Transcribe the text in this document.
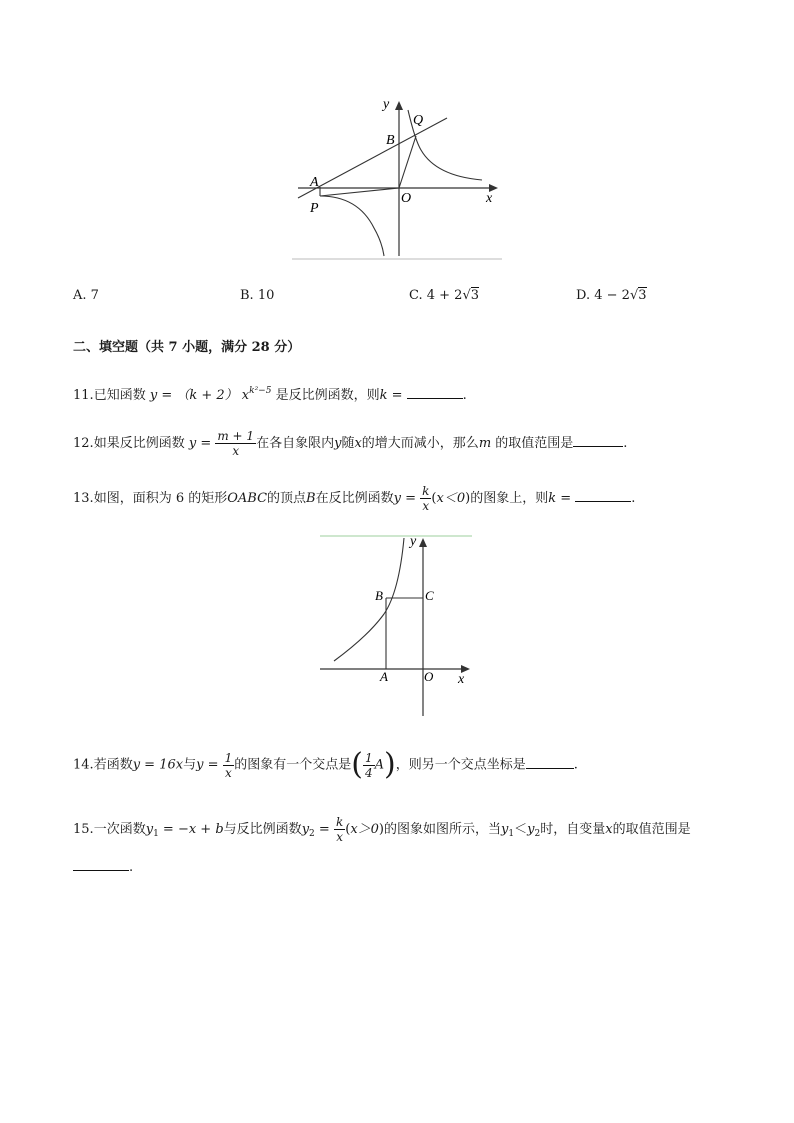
y
B
Q
A
P
O	x
A. 7	B. 10	C. 4 + 2√3	D. 4 − 2√3
二、填空题（共 7 小题，满分 28 分）
11.已知函数 y = （k + 2） $x^{k^2-5}$ 是反比例函数，则k =	.
12.如果反比例函数 $y = \frac{m + 1}{x}$ 在各自象限内y随x的增大而减小，那么m 的取值范围是	.
13.如图，面积为 6 的矩形OABC的顶点B在反比例函数$y = \frac{k}{x} (x<0)$的图象上，则k =	.
y
B	C
A	O x
14.若函数y = 16x与$y = \frac{1}{x}$ 的图象有一个交点是( $\frac{1}{4} A$)，则另一个交点坐标是	.
15.一次函数$y_1 = -x + b$与反比例函数$y_2 = \frac{k}{x} (x>0)$的图象如图所示，当$y_1<y_2$时，自变量x的取值范围是
.
